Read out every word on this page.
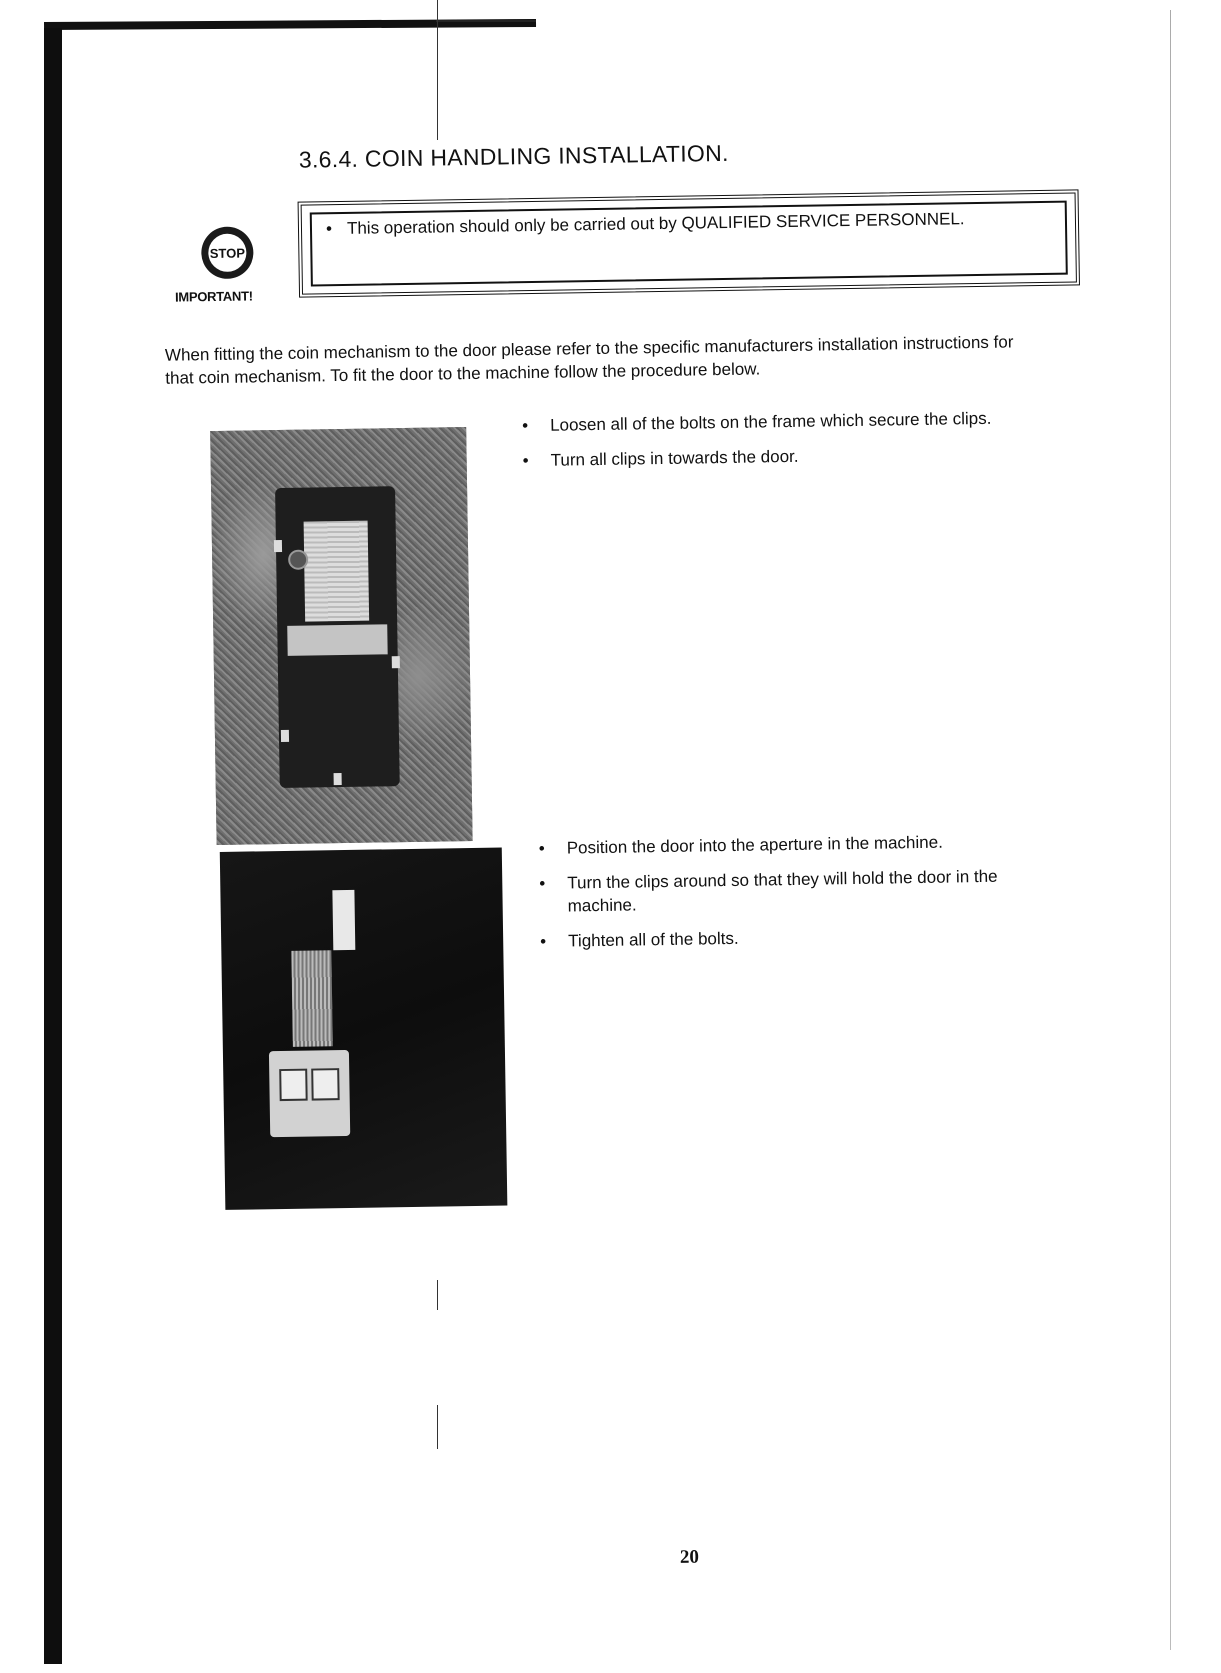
3.6.4. COIN HANDLING INSTALLATION.
STOP
IMPORTANT!
• This operation should only be carried out by QUALIFIED SERVICE PERSONNEL.
When fitting the coin mechanism to the door please refer to the specific manufacturers installation instructions for that coin mechanism. To fit the door to the machine follow the procedure below.
• Loosen all of the bolts on the frame which secure the clips.
• Turn all clips in towards the door.
• Position the door into the aperture in the machine.
• Turn the clips around so that they will hold the door in the machine.
• Tighten all of the bolts.
20
